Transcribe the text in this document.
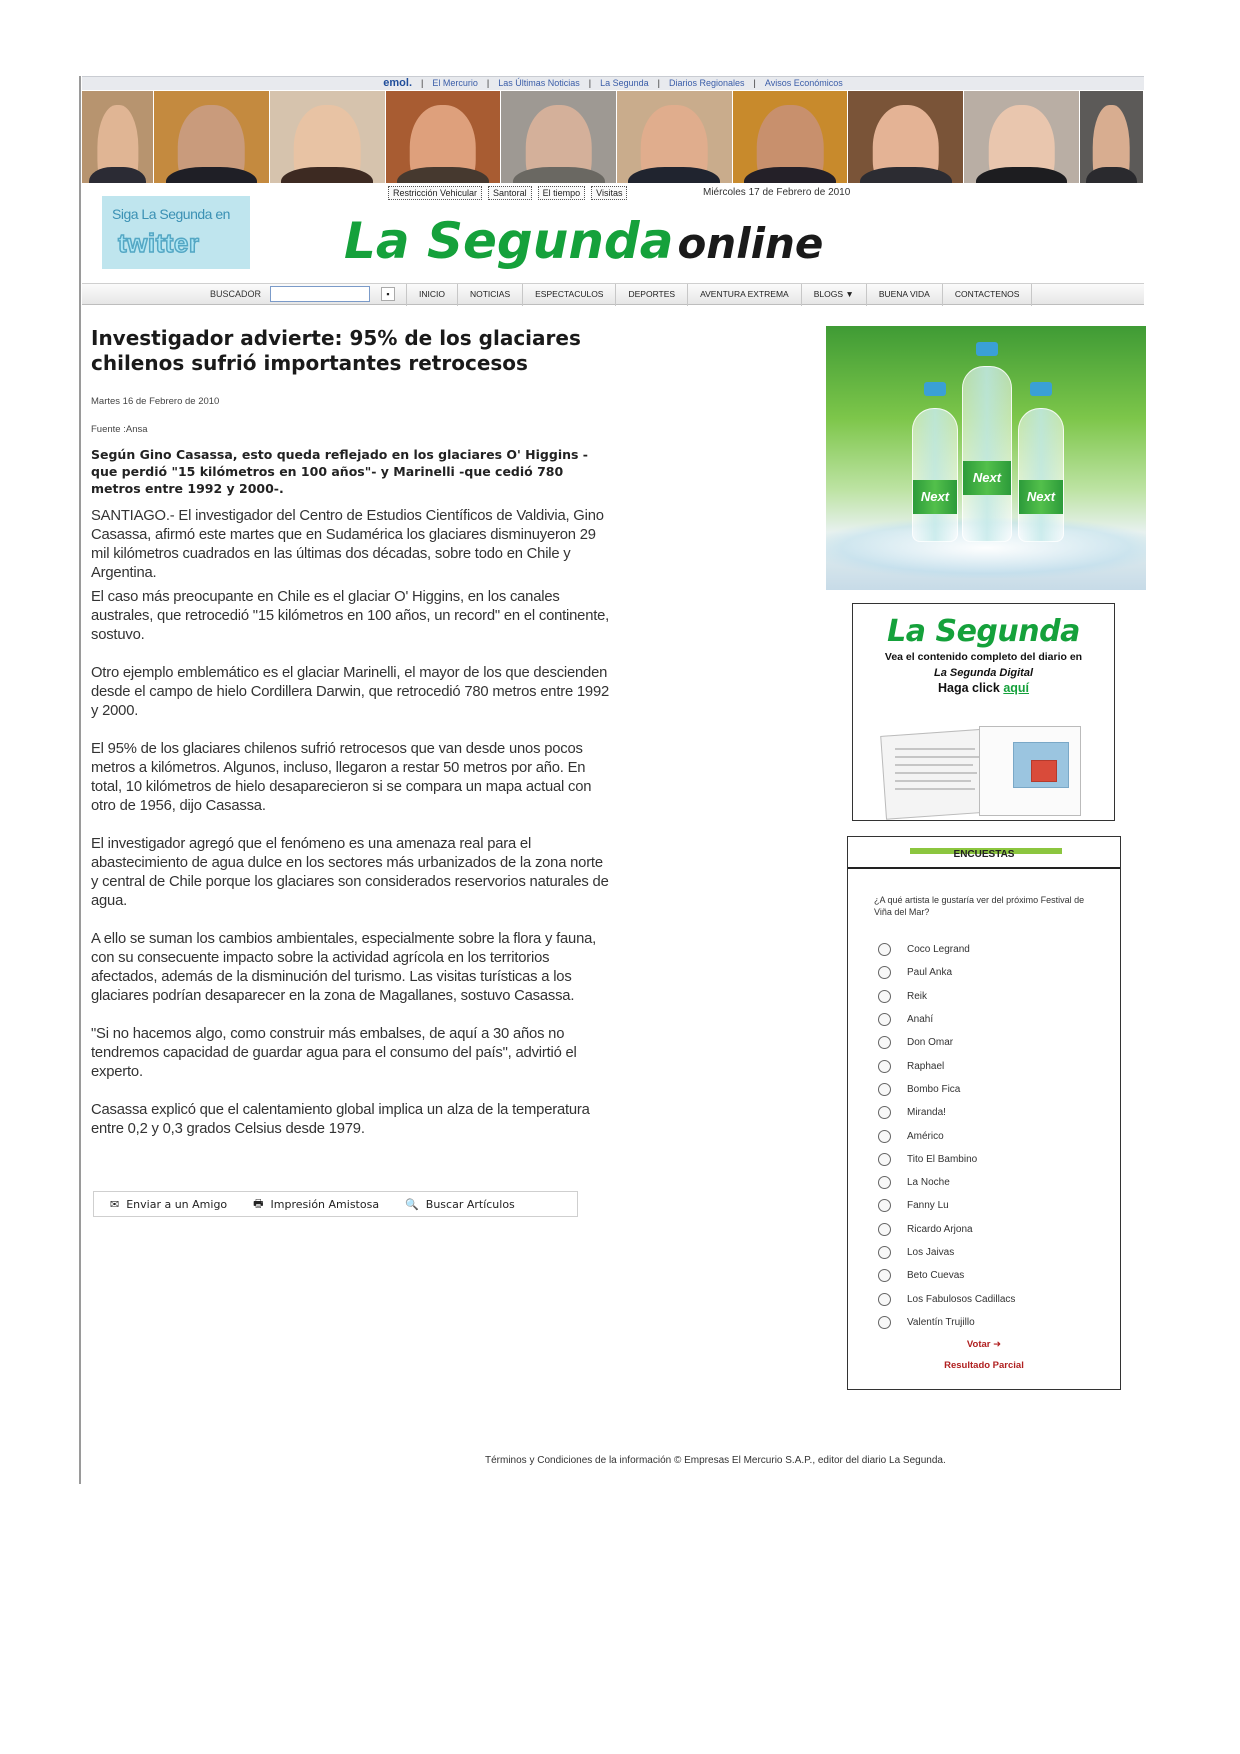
emol. | El Mercurio | Las Últimas Noticias | La Segunda | Diarios Regionales | Avisos Económicos
Restricción Vehicular	Santoral	El tiempo	Visitas	Miércoles 17 de Febrero de 2010
Siga La Segunda en
twitter	La Segundaonline
BUSCADOR	▪	INICIO	NOTICIAS	ESPECTACULOS	DEPORTES	AVENTURA EXTREMA	BLOGS ▼	BUENA VIDA	CONTACTENOS
Investigador advierte: 95% de los glaciares chilenos sufrió importantes retrocesos
Martes 16 de Febrero de 2010
Fuente :Ansa
Según Gino Casassa, esto queda reflejado en los glaciares O' Higgins -que perdió "15 kilómetros en 100 años"- y Marinelli -que cedió 780 metros entre 1992 y 2000-.

SANTIAGO.- El investigador del Centro de Estudios Científicos de Valdivia, Gino Casassa, afirmó este martes que en Sudamérica los glaciares disminuyeron 29 mil kilómetros cuadrados en las últimas dos décadas, sobre todo en Chile y Argentina.

El caso más preocupante en Chile es el glaciar O' Higgins, en los canales australes, que retrocedió "15 kilómetros en 100 años, un record" en el continente, sostuvo.

Otro ejemplo emblemático es el glaciar Marinelli, el mayor de los que descienden desde el campo de hielo Cordillera Darwin, que retrocedió 780 metros entre 1992 y 2000.

El 95% de los glaciares chilenos sufrió retrocesos que van desde unos pocos metros a kilómetros. Algunos, incluso, llegaron a restar 50 metros por año. En total, 10 kilómetros de hielo desaparecieron si se compara un mapa actual con otro de 1956, dijo Casassa.

El investigador agregó que el fenómeno es una amenaza real para el abastecimiento de agua dulce en los sectores más urbanizados de la zona norte y central de Chile porque los glaciares son considerados reservorios naturales de agua.

A ello se suman los cambios ambientales, especialmente sobre la flora y fauna, con su consecuente impacto sobre la actividad agrícola en los territorios afectados, además de la disminución del turismo. Las visitas turísticas a los glaciares podrían desaparecer en la zona de Magallanes, sostuvo Casassa.

"Si no hacemos algo, como construir más embalses, de aquí a 30 años no tendremos capacidad de guardar agua para el consumo del país", advirtió el experto.

Casassa explicó que el calentamiento global implica un alza de la temperatura entre 0,2 y 0,3 grados Celsius desde 1979.

✉ Enviar a un Amigo 🖶 Impresión Amistosa 🔍 Buscar Artículos
Next
Next
Next
La Segunda
Vea el contenido completo del diario en
La Segunda Digital
Haga click aquí
ENCUESTAS
¿A qué artista le gustaría ver del próximo Festival de Viña del Mar?
Coco Legrand
Paul Anka
Reik
Anahí
Don Omar
Raphael
Bombo Fica
Miranda!
Américo
Tito El Bambino
La Noche
Fanny Lu
Ricardo Arjona
Los Jaivas
Beto Cuevas
Los Fabulosos Cadillacs
Valentín Trujillo
Votar ➜
Resultado Parcial
Términos y Condiciones de la información © Empresas El Mercurio S.A.P., editor del diario La Segunda.
